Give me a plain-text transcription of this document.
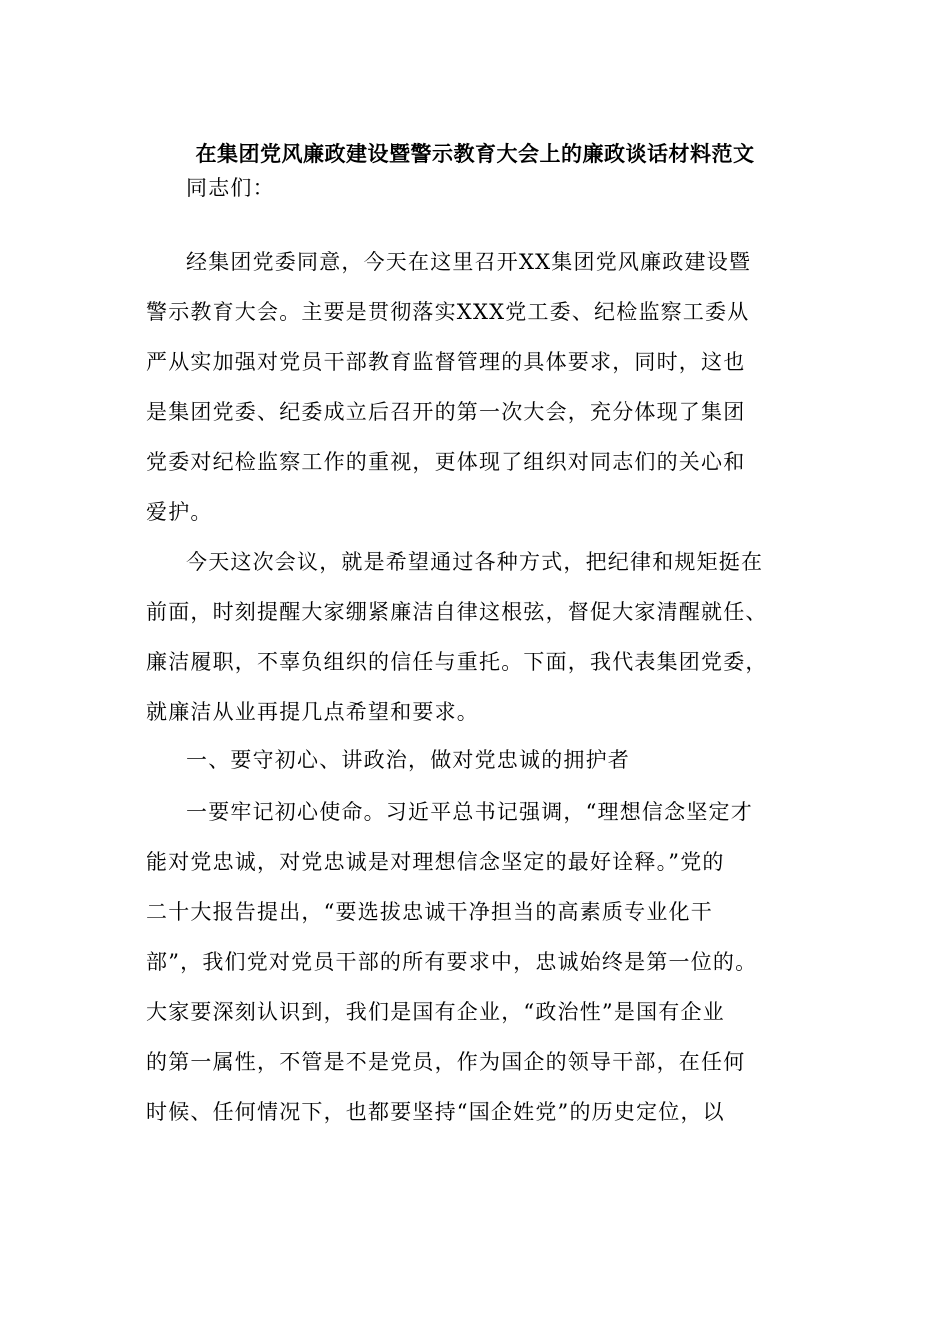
在集团党风廉政建设暨警示教育大会上的廉政谈话材料范文
同志们：
经集团党委同意，今天在这里召开XX集团党风廉政建设暨
警示教育大会。主要是贯彻落实XXX党工委、纪检监察工委从
严从实加强对党员干部教育监督管理的具体要求，同时，这也
是集团党委、纪委成立后召开的第一次大会，充分体现了集团
党委对纪检监察工作的重视，更体现了组织对同志们的关心和
爱护。
今天这次会议，就是希望通过各种方式，把纪律和规矩挺在
前面，时刻提醒大家绷紧廉洁自律这根弦，督促大家清醒就任、
廉洁履职，不辜负组织的信任与重托。下面，我代表集团党委，
就廉洁从业再提几点希望和要求。
一、要守初心、讲政治，做对党忠诚的拥护者
一要牢记初心使命。习近平总书记强调，“理想信念坚定才
能对党忠诚，对党忠诚是对理想信念坚定的最好诠释。”党的
二十大报告提出，“要选拔忠诚干净担当的高素质专业化干
部”，我们党对党员干部的所有要求中，忠诚始终是第一位的。
大家要深刻认识到，我们是国有企业，“政治性”是国有企业
的第一属性，不管是不是党员，作为国企的领导干部，在任何
时候、任何情况下，也都要坚持“国企姓党”的历史定位，以
